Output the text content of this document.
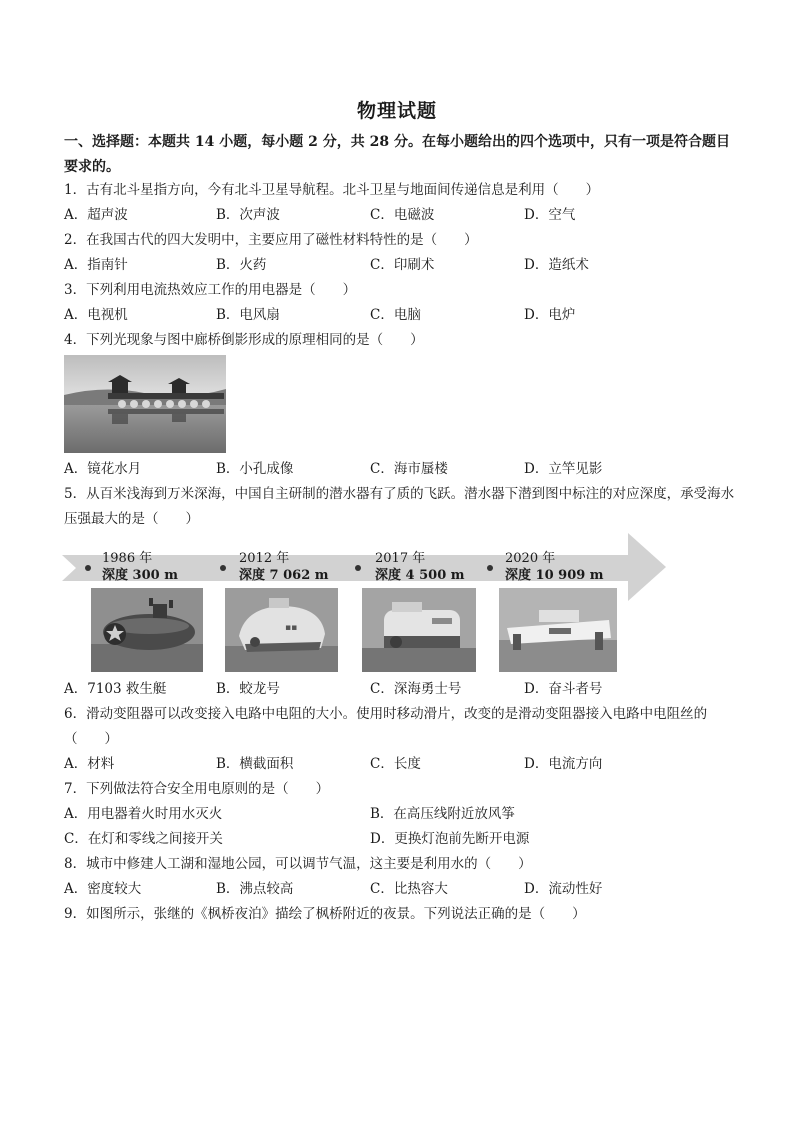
物理试题
一、选择题：本题共 14 小题，每小题 2 分，共 28 分。在每小题给出的四个选项中，只有一项是符合题目要求的。
1．古有北斗星指方向，今有北斗卫星导航程。北斗卫星与地面间传递信息是利用（　　）
A．超声波	B．次声波	C．电磁波	D．空气
2．在我国古代的四大发明中，主要应用了磁性材料特性的是（　　）
A．指南针	B．火药	C．印刷术	D．造纸术
3．下列利用电流热效应工作的用电器是（　　）
A．电视机	B．电风扇	C．电脑	D．电炉
4．下列光现象与图中廊桥倒影形成的原理相同的是（　　）
A．镜花水月	B．小孔成像	C．海市蜃楼	D．立竿见影
5．从百米浅海到万米深海，中国自主研制的潜水器有了质的飞跃。潜水器下潜到图中标注的对应深度，承受海水压强最大的是（　　）
1986 年
深度 300 m
2012 年
深度 7 062 m
2017 年
深度 4 500 m
2020 年
深度 10 909 m
▪▪
A．7103 救生艇	B．蛟龙号	C．深海勇士号	D．奋斗者号
6．滑动变阻器可以改变接入电路中电阻的大小。使用时移动滑片，改变的是滑动变阻器接入电路中电阻丝的（　　）
A．材料	B．横截面积	C．长度	D．电流方向
7．下列做法符合安全用电原则的是（　　）
A．用电器着火时用水灭火	B．在高压线附近放风筝
C．在灯和零线之间接开关	D．更换灯泡前先断开电源
8．城市中修建人工湖和湿地公园，可以调节气温，这主要是利用水的（　　）
A．密度较大	B．沸点较高	C．比热容大	D．流动性好
9．如图所示，张继的《枫桥夜泊》描绘了枫桥附近的夜景。下列说法正确的是（　　）
